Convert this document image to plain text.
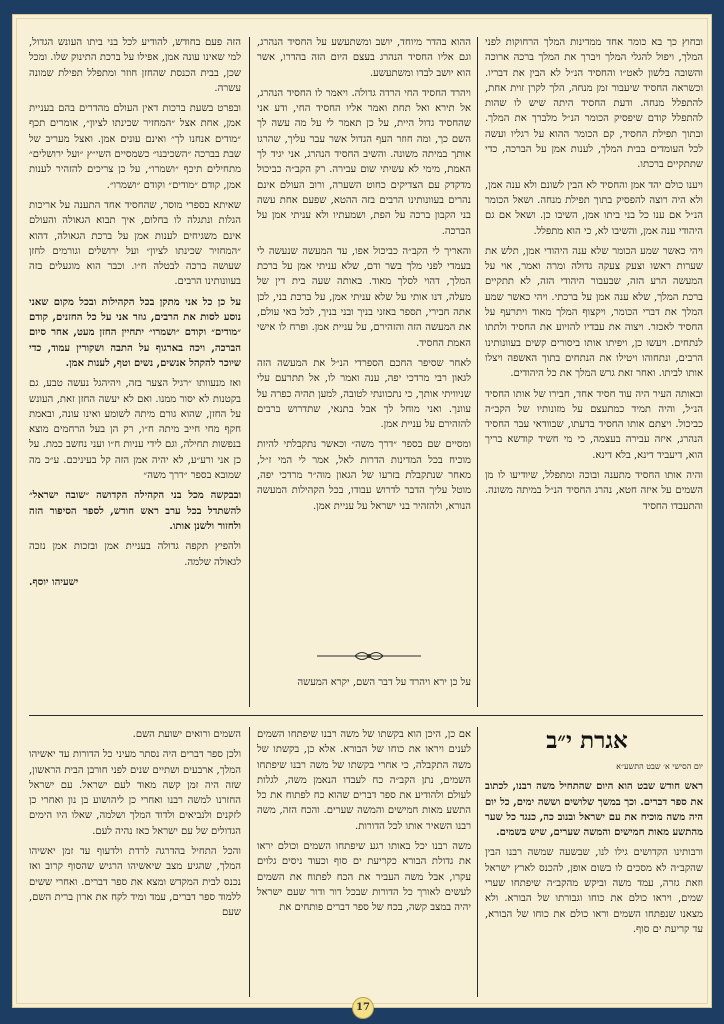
ובחוץ כך בא כומר אחד ממדינות המלך הרחוקות לפני המלך, ויפול להגלי המלך ויברך את המלך ברכה ארוכה והשובה בלשון לאט״ו והחסיד הנ״ל לא הבין את דבריו. וכשראה החסיד שיעבור זמן מנחה, הלך לקרן זוית אחת, להתפלל מנחה. ודעת החסיד היתה שיש לו שהות להתפלל קודם שיפסיק הכומר הנ״ל מלברך את המלך. ובתוך תפילת החסיד, קם הכומר ההוא על רגליו ועשה לכל העומדים בבית המלך, לענות אמן על הברכה, כדי שתתקיים ברכתו.

ויענו כולם יהד אמן והחסיד לא הבין לשונם ולא ענה אמן, ולא היה רוצה להפסיק בתוך תפילת מנחה. ושאל הכומר הנ״ל אם ענו כל בני ביתו אמן, השיבו כן. ושאל אם גם היהודי ענה אמן, והשיבו לא, כי הוא מתפלל.

ויהי כאשר שמע הכומר שלא ענה היהודי אמן, תלש את שערות ראשו וצעק צעקה גדולה ומרה ואמר, אוי על המעשה הרע הזה, שבעבור היהודי הזה, לא תתקיים ברכת המלך, שלא ענה אמן על ברכתי. ויהי כאשר שמע המלך את דברי הכומר, ויקצוף המלך מאוד ויתרעף על החסיד לאכזר. ויצוה את עבדיו להזיוע את החסיד ולתתו לנתחים. ויעשו כן, ויפיתו אותו ביסורים קשים בעוונותינו הרבים, ונתחוהו ויטילו את הנתחים בתוך האשפה ויצלו אותו לביתו. ואחר זאת גרש המלך את כל היהודים.

ובאותה העיר היה עוד חסיד אחד, חבירו של אותו החסיד הנ״ל, והיה תמיד כמתעצם על מזונותיו של הקב״ה כביכול. ויצתם אותו החסיד בדעתו, שבוודאי עבר החסיד הנהרג, איזה עבירה בעצמה, כי מי חשיד קודשא בריך הוא, דיעביד דינא, בלא דינא.

והיה אותו החסיד מתענה ובוכה ומתפלל, שיודיעו לו מן השמים על איזה חטא, נהרג החסיד הנ״ל במיתה משונה. והתעבדו החסיד

ההוא בהדר מיוחד, יושב ומשתעשע על החסיד הנהרג, וגם אליו החסיד הנהרג בעצם היום הזה בהדרו, אשר הוא יושב לבדו ומשתעשע.

ויהרד החסיד החי הרדה גדולה. ויאמר לו החסיד הנהרג, אל תירא ואל תחת ואמר אליו החסיד החי, ודע אני שהחסיד גדול היית, על כן תאמר לי על מה עשה לך השם כך, ומה חוזר העף הגדול אשר עבר עליך, שהרגו אותך במיתה משונה. והשיב החסיד הנהרג, אני יגיד לך האמת, מימי לא עשיתי שום עבירה. רק הקב״ה כביכול מדקדק עם הצדיקים כחוט השערה, ורוב העולם אינם נהרים בעוונותינו הרבים בזה ההטא, שפעם אחת עשה בני הקבון ברכה על הפת, ושמעתיו ולא עניתי אמן על הברכה.

והאריך לי הקב״ה כביכול אפו, עד המעשה שנעשה לי בעמדי לפני מלך בשר ודם, שלא עניתי אמן על ברכת המלך, דהוי לסלך מאוד. באותה שעה בית דין של מעלה, דנו אותי על שלא עניתי אמן, על ברכת בני, לכן אתה חבירי, תספר באזני בניך ובני בניך, לכל באי עולם, את המעשה הזה והזהירם, על עניית אמן. ופרח לו אישי האמת החסיד.

לאחר שסיפר החכם הספרדי הנ״ל את המעשה הזה לגאון רבי מרדכי יפה, ענה ואמר לו, אל תתרעם עלי שניוויתי אותך, כי נתכוונתי לטובה, למען תהיה כפרה על עוונך. ואני מוחל לך אבל בתנאי, שתדרוש ברבים להזהירם על עניית אמן.

ומסיים שם בספר ״דרך משה״ וכאשר נתקבלתי להיות מוכיח בכל המדינות הדרות לאל, אמר לי המי ז״ל, מאחר שנתקבלת בזרעו של הגאון מוה״ר מרדכי יפה, מוטל עליך הדבר לדרוש עבודו, בכל הקהילות המעשה הנורא, ולהזהיר בני ישראל על עניית אמן.

על כן ירא ויהרד על דבר השם, יקרא המעשה

הזה פעם בחודש, להודיע לכל בני ביתו העונש הגדול, למי שאינו עונה אמן, אפילו על ברכת התינוק שלו. ומכל שכן, בבית הכנסת שהחזן חוזר ומתפלל תפילת שמונה עשרה.

ובפרט בשעת ברכות דאין העולם מהדרים בהם בעניית אמן, אחת אצל ״המחזיר שכינתו לציון״, אומרים תכף ״מודים אנחנו לך״ ואינם עונים אמן. ואצל מעריב של שבת בברכה ״השכיבנו״ כשמסיים השי״ץ ״ועל ירושלים״ מתחילים תיכף ״ושמרו״, על כן צריכים להזהיר לענות אמן, קודם ״מודים״ וקודם ״ושמרו״.

שאיתא בספרי מוסר, שהחסיד אחד התענה על אריכות הגלות ונתגלה לו בחלום, איך תבוא הגאולה והעולם אינם משגיחים לענות אמן על ברכת הגאולה, דהוא ״המחזיר שכינתו לציון״ ועל ירושלים וגורמים לחזן שעושה ברכה לבטלה ח״ו. וכבר הוא מוגעלים בזה בעוונותינו הרבים.

על כן כל אני מתקן בכל הקהילות ובכל מקום שאני נוסע לסות את הרבים, גוזר אני על כל החזנים, קודם ״מודים״ וקודם ״ושמרו״ יתחיין החזן מעט, אחר סיום הברכה, ויכה בארגוף על התבה ושקורין עמוד, כדי שיוכר להקהל אנשים, נשים וטף, לענות אמן.

ואז מנעוותו ״רגיל הצער בזה, ויהיהגל נעשה טבע, גם בקטנות לא יסור ממנו. ואם לא יעשה החזן זאת, העונש על החזן, שהוא גורם מיתה לשומע ואינו עונה, ובאמת חקף מחי חייב מיתה ח״ו, רק הן בעל הרחמים מוצא בנפשות תחילה, וגם לידי עניות ח״ו ועני נחשב כמת. על כן אני ורע״ע, לא יהיה אמן הזה קל בעיניכם. ע״כ מה שמובא בספר ״דרך משה״

ובבקשה מכל בני הקהילה הקדושה ״שובה ישראל״ להשתדל בכל ערב ראש חודש, לספר הסיפור הזה ולחזור ולשנן אותו.

ולהפיץ תקפה גדולה בעניית אמן ובזכות אמן נזכה לגאולה שלמה.

ישעיהו יוסף.

אגרת י״ב

יום הסישי א׳ שבט התשע״א

ראש חודש שבט הוא היום שהתחיל משה רבנו, לכתוב את ספר דברים. וכך במשך שלושים וששה ימים, כל יום היה משה מוכיח את עם ישראל ובנוב כה, כנגד כל שער מהתשע מאות חמישים והמשה שערים, שיש בשמים.

ורבותינו הקדושים גילו לנו, שבשעה שמשה רבנו הבין שהקב״ה לא מסכים לו בשום אופן, להכנס לארץ ישראל וזאת גזרה, עמד משה וביקש מהקב״ה שיפתחו שערי שמים, ויראו כולם את כוחו וגבורתו של הבורא. ולא מצאנו שנפתחו השמים וראו כולם את כוחו של הבורא, עד קריעת ים סוף.

אם כן, היכן הוא בקשתו של משה רבנו שיפתחו השמים לענים ויראו את כוחו של הבורא. אלא כן, בקשתו של משה התקבלה, כי אחרי בקשתו של משה רבנו שיפתחו השמים, נתן הקב״ה כח לעבדו הנאמן משה, לגלות לעולם ולהודיע את ספר דברים שהוא כח לפתוח את כל התשע מאות חמישים והמשה שערים. והכח הזה, משה רבנו השאיר אותו לכל הדורות.

משה רבנו יכל באותו רגע שיפתחו השמים וכולם יראו את גדולת הבורא כקריעת ים סוף וכעוד ניסים גלוים עקרו, אבל משה העביר את הכח לפתוח את השמים לעשים לאורך כל הדורות שבכל דור ודור שעם ישראל יהיה במצב קשה, בכח של ספר דברים פותחים את

השמים ורואים ישועת השם.

ולכן ספר דברים היה נסתר מעיני כל הדורות עד יאשיהו המלך, ארבעים ושתיים שנים לפני חורבן הבית הראשון, שזה היה זמן קשה מאוד לעם ישראל. עם ישראל החזרנו למשה רבנו ואחרי כן ליהושוע בן נון ואחרי כן לזקנים ולנביאים ולדוד המלך ושלמה, שאלו היו הימים הגדולים של עם ישראל כאז נהיה לעם.

והכל התחיל בהדרגה לרדת ולדעוף עד זמן יאשיהו המלך, שהגיע מצב שיאשיהו הרגיש שהסוף קרוב ואז נכנס לבית המקדש ומצא את ספר דברים. ואחרי ששים ללמוד ספר דברים, עמד ומיד לקח את ארון ברית השם, שעם

17
